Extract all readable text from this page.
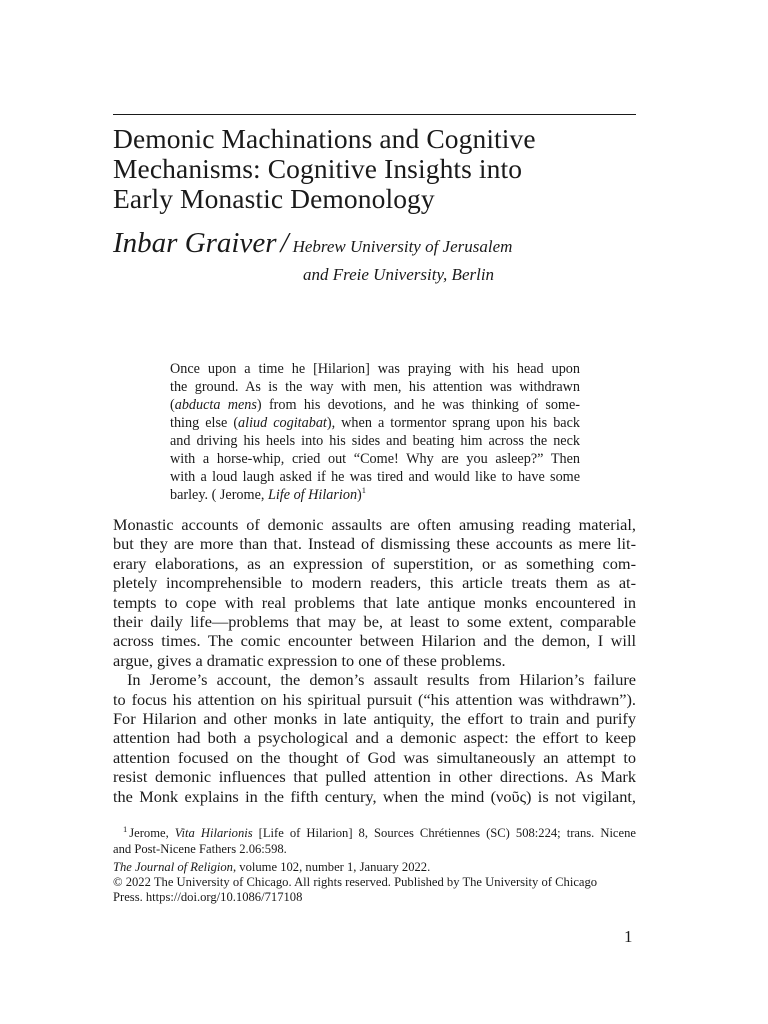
Demonic Machinations and Cognitive
Mechanisms: Cognitive Insights into
Early Monastic Demonology
Inbar Graiver / Hebrew University of Jerusalem
and Freie University, Berlin
Once upon a time he [Hilarion] was praying with his head upon
the ground. As is the way with men, his attention was withdrawn
(abducta mens) from his devotions, and he was thinking of some-
thing else (aliud cogitabat), when a tormentor sprang upon his back
and driving his heels into his sides and beating him across the neck
with a horse-whip, cried out “Come! Why are you asleep?” Then
with a loud laugh asked if he was tired and would like to have some
barley. ( Jerome, Life of Hilarion)$^1$
Monastic accounts of demonic assaults are often amusing reading material,
but they are more than that. Instead of dismissing these accounts as mere lit-
erary elaborations, as an expression of superstition, or as something com-
pletely incomprehensible to modern readers, this article treats them as at-
tempts to cope with real problems that late antique monks encountered in
their daily life—problems that may be, at least to some extent, comparable
across times. The comic encounter between Hilarion and the demon, I will
argue, gives a dramatic expression to one of these problems.
In Jerome’s account, the demon’s assault results from Hilarion’s failure
to focus his attention on his spiritual pursuit (“his attention was withdrawn”).
For Hilarion and other monks in late antiquity, the effort to train and purify
attention had both a psychological and a demonic aspect: the effort to keep
attention focused on the thought of God was simultaneously an attempt to
resist demonic influences that pulled attention in other directions. As Mark
the Monk explains in the fifth century, when the mind (νοῦς) is not vigilant,
$^1$ Jerome, Vita Hilarionis [Life of Hilarion] 8, Sources Chrétiennes (SC) 508:224; trans. Nicene
and Post-Nicene Fathers 2.06:598.
The Journal of Religion, volume 102, number 1, January 2022.
© 2022 The University of Chicago. All rights reserved. Published by The University of Chicago
Press. https://doi.org/10.1086/717108
1
